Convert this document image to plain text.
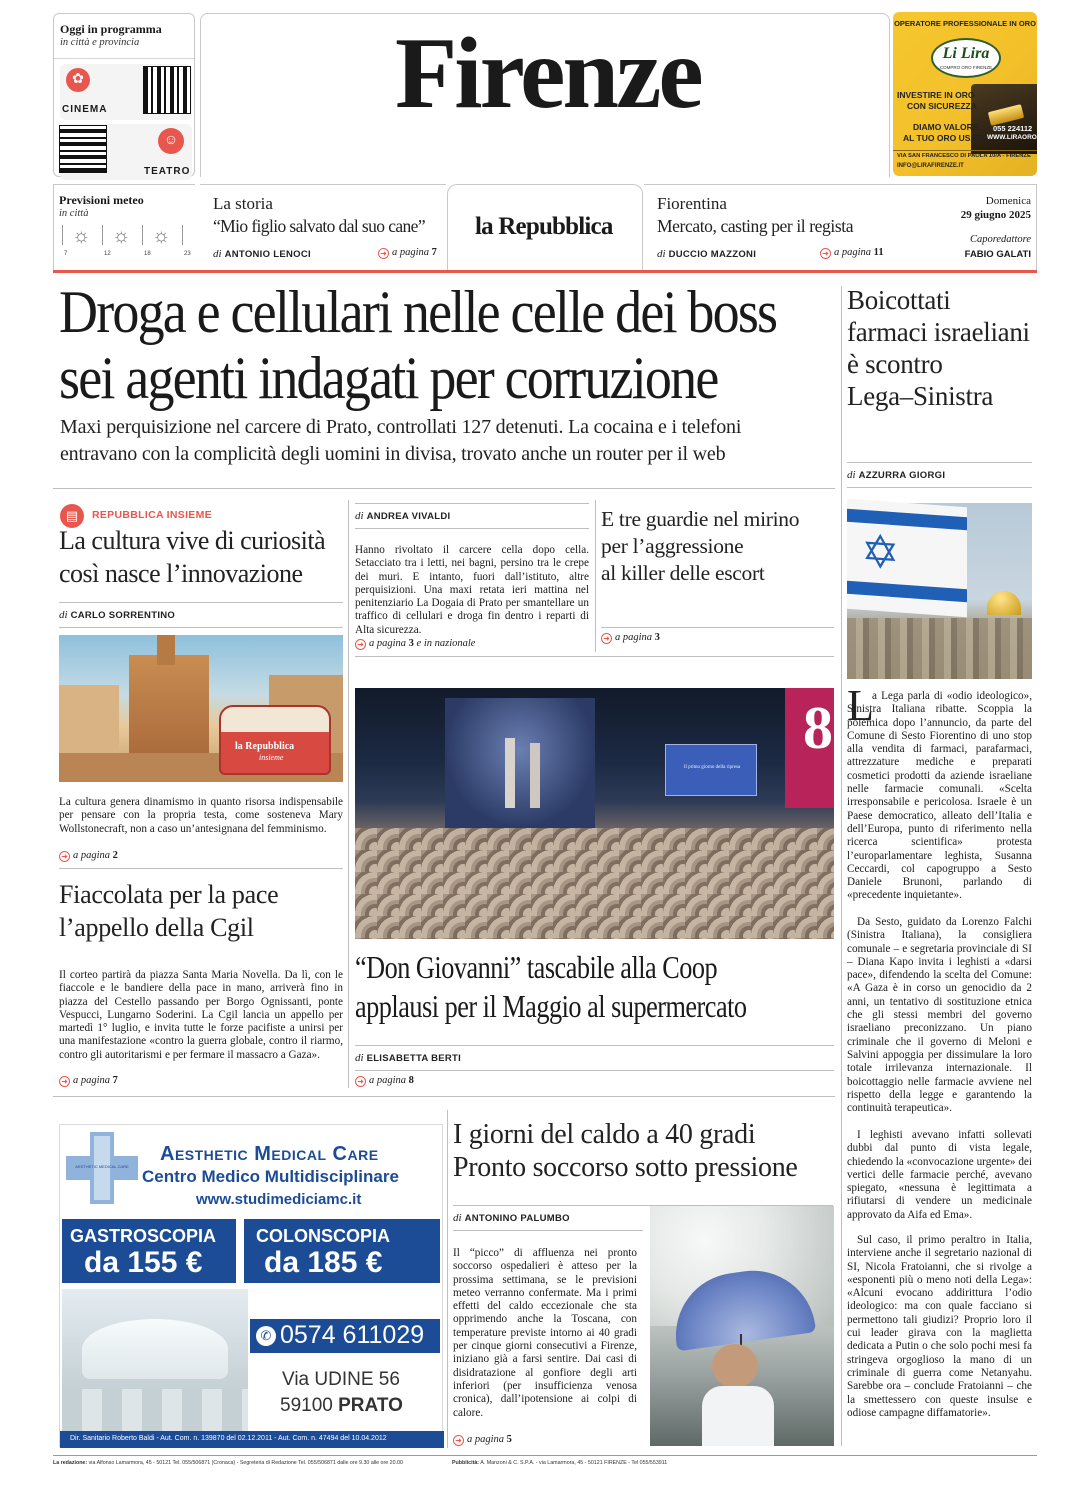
Oggi in programma
in città e provincia
✿
CINEMA
☺
TEATRO
Firenze	OPERATORE PROFESSIONALE IN ORO
Li Lira
COMPRO ORO FIRENZE
INVESTIRE IN ORO
CON SICUREZZA
DIAMO VALORE
AL TUO ORO USATO
055 224112
WWW.LIRAORO.IT
VIA SAN FRANCESCO DI PAOLA 10/A - FIRENZE
INFO@LIRAFIRENZE.IT
Previsioni meteo
in città
☼ ☼ ☼
7	12	18	23
La storia
“Mio figlio salvato dal suo cane”
di ANTONIO LENOCI	➜ a pagina 7
la Repubblica
Fiorentina
Mercato, casting per il regista
di DUCCIO MAZZONI	➜ a pagina 11
Domenica
29 giugno 2025
Caporedattore
FABIO GALATI
Droga e cellulari nelle celle dei boss
sei agenti indagati per corruzione
Maxi perquisizione nel carcere di Prato, controllati 127 detenuti. La cocaina e i telefoni
entravano con la complicità degli uomini in divisa, trovato anche un router per il web
Boicottati
farmaci israeliani
è scontro
Lega–Sinistra
di AZZURRA GIORGI
✡
L
a Lega parla di «odio ideologico», Sinistra Italiana ribatte. Scoppia la polemica dopo l’annuncio, da parte del Comune di Sesto Fiorentino di uno stop alla vendita di farmaci, parafarmaci, attrezzature mediche e preparati cosmetici prodotti da aziende israeliane nelle farmacie comunali. «Scelta irresponsabile e pericolosa. Israele è un Paese democratico, alleato dell’Italia e dell’Europa, punto di riferimento nella ricerca scientifica» protesta l’europarlamentare leghista, Susanna Ceccardi, col capogruppo a Sesto Daniele Brunoni, parlando di «precedente inquietante».
Da Sesto, guidato da Lorenzo Falchi (Sinistra Italiana), la consigliera comunale – e segretaria provinciale di SI – Diana Kapo invita i leghisti a «darsi pace», difendendo la scelta del Comune: «A Gaza è in corso un genocidio da 2 anni, un tentativo di sostituzione etnica che gli stessi membri del governo israeliano preconizzano. Un piano criminale che il governo di Meloni e Salvini appoggia per dissimulare la loro totale irrilevanza internazionale. Il boicottaggio nelle farmacie avviene nel rispetto della legge e garantendo la continuità terapeutica».
I leghisti avevano infatti sollevati dubbi dal punto di vista legale, chiedendo la «convocazione urgente» dei vertici delle farmacie perché, avevano spiegato, «nessuna è legittimata a rifiutarsi di vendere un medicinale approvato da Aifa ed Ema».
Sul caso, il primo peraltro in Italia, interviene anche il segretario nazional di SI, Nicola Fratoianni, che si rivolge a «esponenti più o meno noti della Lega»: «Alcuni evocano addirittura l’odio ideologico: ma con quale facciano si permettono tali giudizi? Proprio loro il cui leader girava con la maglietta dedicata a Putin o che solo pochi mesi fa stringeva orgoglioso la mano di un criminale di guerra come Netanyahu. Sarebbe ora – conclude Fratoianni – che la smettessero con queste insulse e odiose campagne diffamatorie».
▤	REPUBBLICA INSIEME
La cultura vive di curiosità
così nasce l’innovazione
di CARLO SORRENTINO
la Repubblica
insieme
La cultura genera dinamismo in quanto risorsa indispensabile per pensare con la propria testa, come sosteneva Mary Wollstonecraft, non a caso un’antesignana del femminismo.
➜ a pagina 2
Fiaccolata per la pace
l’appello della Cgil
Il corteo partirà da piazza Santa Maria Novella. Da lì, con le fiaccole e le bandiere della pace in mano, arriverà fino in piazza del Cestello passando per Borgo Ognissanti, ponte Vespucci, Lungarno Soderini. La Cgil lancia un appello per martedì 1° luglio, e invita tutte le forze pacifiste a unirsi per una manifestazione «contro la guerra globale, contro il riarmo, contro gli autoritarismi e per fermare il massacro a Gaza».
➜ a pagina 7
di ANDREA VIVALDI
Hanno rivoltato il carcere cella dopo cella. Setacciato tra i letti, nei bagni, persino tra le crepe dei muri. E intanto, fuori dall’istituto, altre perquisizioni. Una maxi retata ieri mattina nel penitenziario La Dogaia di Prato per smantellare un traffico di cellulari e droga fin dentro i reparti di Alta sicurezza.
➜ a pagina 3 e in nazionale
E tre guardie nel mirino
per l’aggressione
al killer delle escort
➜ a pagina 3
Il primo giorno della ripresa
8
“Don Giovanni” tascabile alla Coop
applausi per il Maggio al supermercato
di ELISABETTA BERTI
➜ a pagina 8
AESTHETIC MEDICAL CARE
Aesthetic Medical Care
Centro Medico Multidisciplinare
www.studimediciamc.it
GASTROSCOPIA
da 155 €
COLONSCOPIA
da 185 €
✆ 0574 611029
Via UDINE 56
59100 PRATO
Dir. Sanitario Roberto Baldi - Aut. Com. n. 139870 del 02.12.2011 - Aut. Com. n. 47494 del 10.04.2012
I giorni del caldo a 40 gradi
Pronto soccorso sotto pressione
di ANTONINO PALUMBO
Il “picco” di affluenza nei pronto soccorso ospedalieri è atteso per la prossima settimana, se le previsioni meteo verranno confermate. Ma i primi effetti del caldo eccezionale che sta opprimendo anche la Toscana, con temperature previste intorno ai 40 gradi per cinque giorni consecutivi a Firenze, iniziano già a farsi sentire. Dai casi di disidratazione al gonfiore degli arti inferiori (per insufficienza venosa cronica), dall’ipotensione ai colpi di calore.
➜ a pagina 5
La redazione: via Alfonso Lamarmora, 45 - 50121 Tel. 055/506871 (Cronaca) - Segreteria di Redazione Tel. 055/506871 dalle ore 9.30 alle ore 20.00	Pubblicità: A. Manzoni & C. S.P.A. - via Lamarmora, 45 - 50121 FIRENZE - Tel 055/553911
